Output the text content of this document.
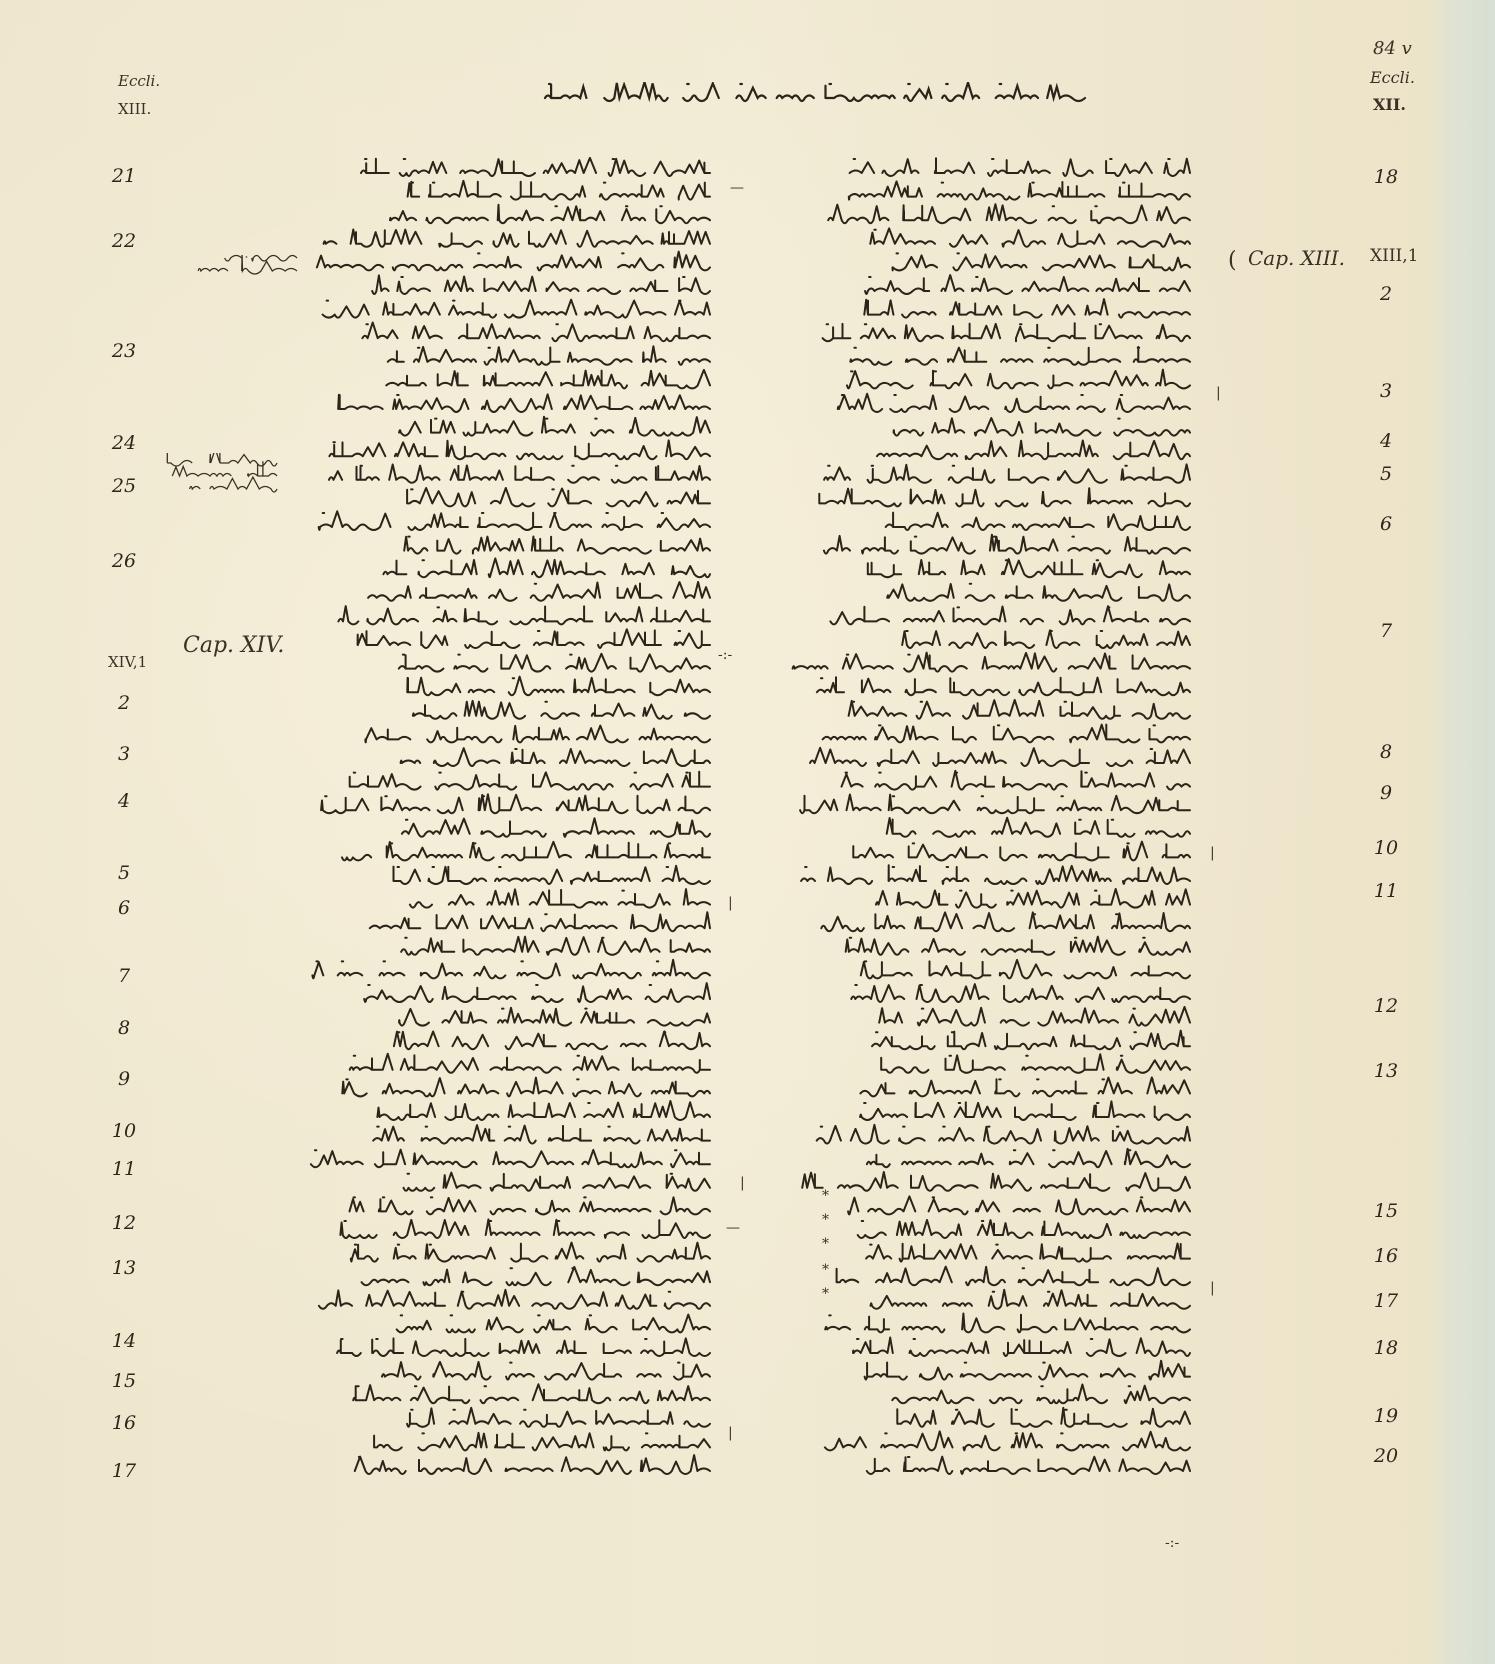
84 v
Eccli.
XIII.
Eccli.
XII.
Cap. XIV.
Cap. XIII.
(	XIII,1
XIV,1
—
-:-
—
-:-
|
|
|
|
|
|
*
*
*
*
*
21
22
23
24
25
26
2
3
4
5
6
7
8
9
10
11
12
13
14
15
16
17
18
2
3
4
5
6
7
8
9
10
11
12
13
15
16
17
18
19
20
